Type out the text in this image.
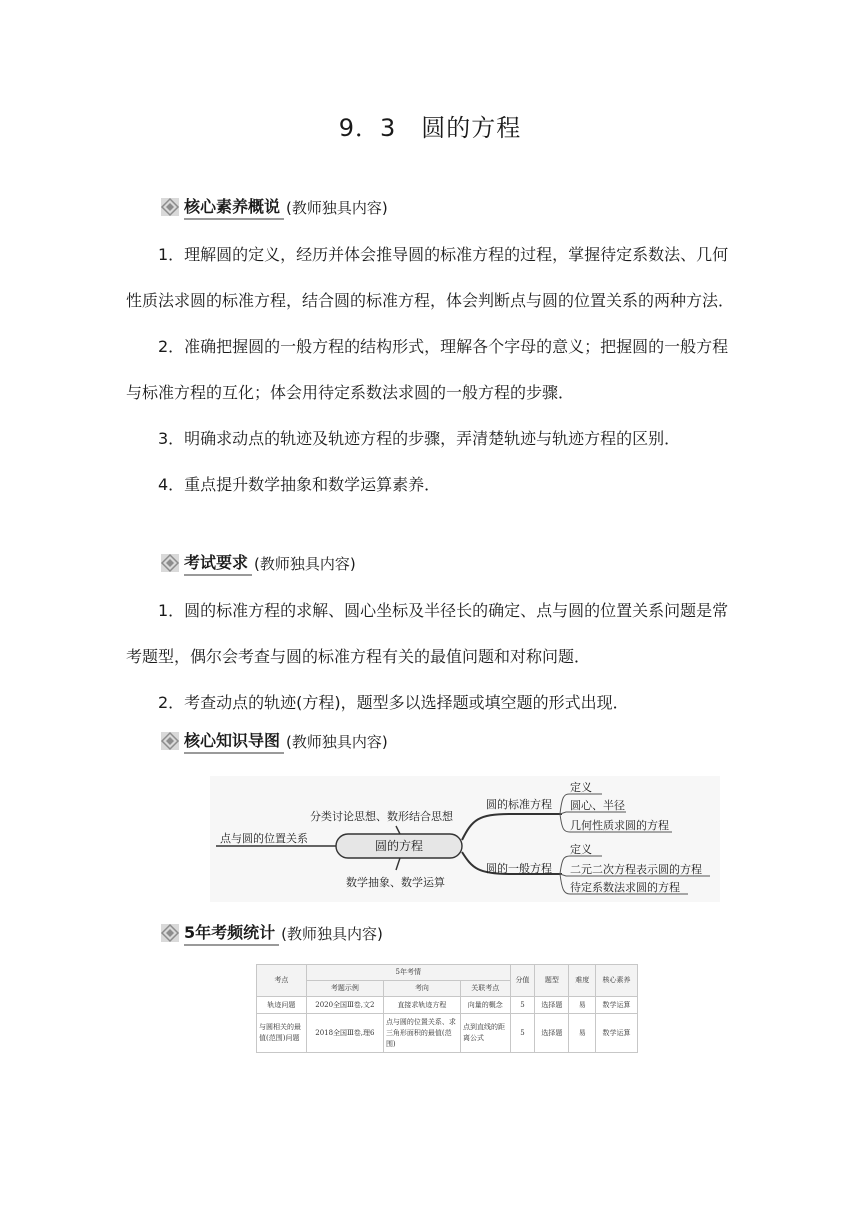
9．3　圆的方程
核心素养概说 (教师独具内容)

1．理解圆的定义，经历并体会推导圆的标准方程的过程，掌握待定系数法、几何性质法求圆的标准方程，结合圆的标准方程，体会判断点与圆的位置关系的两种方法．

2．准确把握圆的一般方程的结构形式，理解各个字母的意义；把握圆的一般方程与标准方程的互化；体会用待定系数法求圆的一般方程的步骤．

3．明确求动点的轨迹及轨迹方程的步骤，弄清楚轨迹与轨迹方程的区别．

4．重点提升数学抽象和数学运算素养．

考试要求 (教师独具内容)

1．圆的标准方程的求解、圆心坐标及半径长的确定、点与圆的位置关系问题是常考题型，偶尔会考查与圆的标准方程有关的最值问题和对称问题．

2．考查动点的轨迹(方程)，题型多以选择题或填空题的形式出现．

核心知识导图 (教师独具内容)
点与圆的位置关系
圆的方程
分类讨论思想、数形结合思想
数学抽象、数学运算
圆的标准方程
圆的一般方程
定义
圆心、半径
几何性质求圆的方程
定义
二元二次方程表示圆的方程
待定系数法求圆的方程
5年考频统计 (教师独具内容)
考点	5年考情			分值	题型	难度	核心素养
	考题示例	考向	关联考点				
轨迹问题	2020全国Ⅲ卷,文2	直接求轨迹方程	向量的概念	5	选择题	易	数学运算
与圆相关的最值(范围)问题	2018全国Ⅲ卷,理6	点与圆的位置关系、求三角形面积的最值(范围)	点到直线的距离公式	5	选择题	易	数学运算
